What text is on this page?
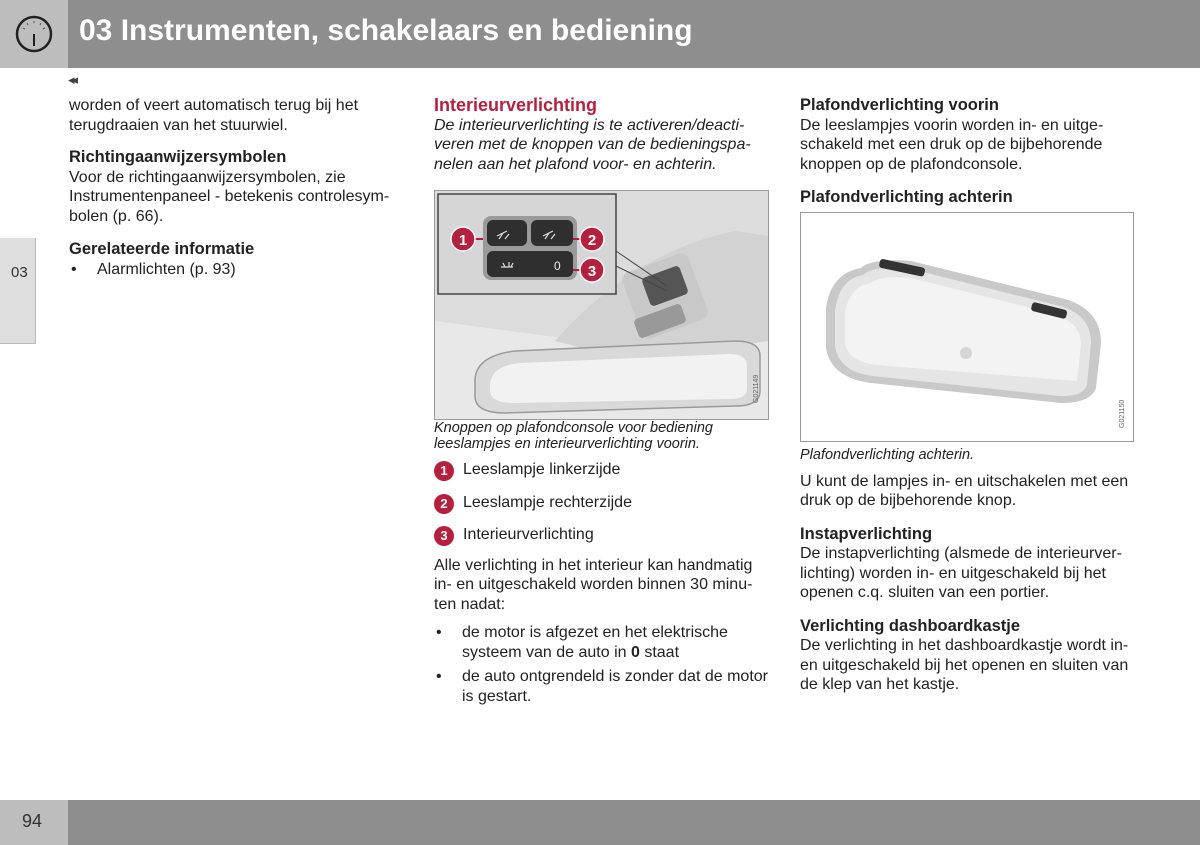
03 Instrumenten, schakelaars en bediening
◂◂
03

worden of veert automatisch terug bij het terugdraaien van het stuurwiel.

Richtingaanwijzersymbolen

Voor de richtingaanwijzersymbolen, zie Instrumentenpaneel - betekenis controlesym-bolen (p. 66).

Gerelateerde informatie

• Alarmlichten (p. 93)

Interieurverlichting

De interieurverlichting is te activeren/deacti-veren met de knoppen van de bedieningspa-nelen aan het plafond voor- en achterin.

0
1	2
3
G021149

Knoppen op plafondconsole voor bediening leeslampjes en interieurverlichting voorin.

1 Leeslampje linkerzijde
2 Leeslampje rechterzijde
3 Interieurverlichting

Alle verlichting in het interieur kan handmatig in- en uitgeschakeld worden binnen 30 minu-ten nadat:

• de motor is afgezet en het elektrische systeem van de auto in 0 staat
• de auto ontgrendeld is zonder dat de motor is gestart.

Plafondverlichting voorin

De leeslampjes voorin worden in- en uitge-schakeld met een druk op de bijbehorende knoppen op de plafondconsole.

Plafondverlichting achterin

G021150

Plafondverlichting achterin.

U kunt de lampjes in- en uitschakelen met een druk op de bijbehorende knop.

Instapverlichting

De instapverlichting (alsmede de interieurver-lichting) worden in- en uitgeschakeld bij het openen c.q. sluiten van een portier.

Verlichting dashboardkastje

De verlichting in het dashboardkastje wordt in- en uitgeschakeld bij het openen en sluiten van de klep van het kastje.

94
